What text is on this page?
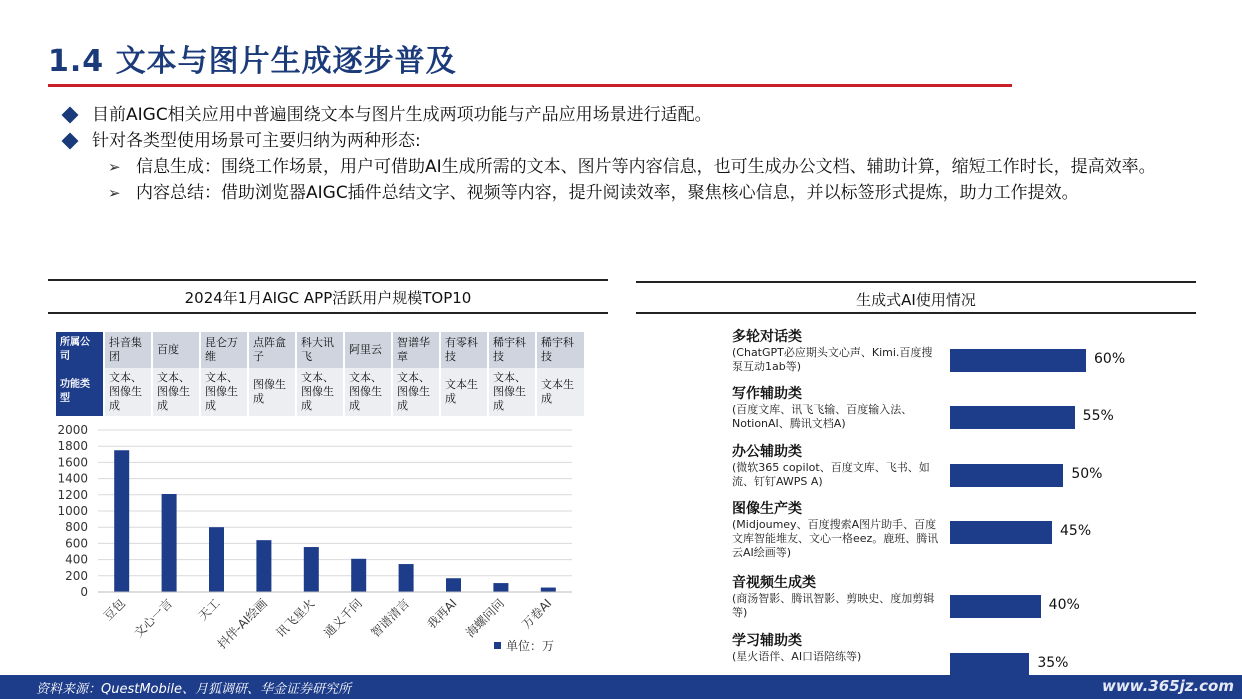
1.4 文本与图片生成逐步普及
目前AIGC相关应用中普遍围绕文本与图片生成两项功能与产品应用场景进行适配。
针对各类型使用场景可主要归纳为两种形态:
➢ 信息生成：围绕工作场景，用户可借助AI生成所需的文本、图片等内容信息，也可生成办公文档、辅助计算，缩短工作时长，提高效率。
➢ 内容总结：借助浏览器AIGC插件总结文字、视频等内容，提升阅读效率，聚焦核心信息，并以标签形式提炼，助力工作提效。
2024年1月AIGC APP活跃用户规模TOP10
所属公司	抖音集团	百度	昆仑万维	点阵盒子	科大讯飞	阿里云	智谱华章	有零科技	稀宇科技	稀宇科技
功能类型	文本、图像生成	文本、图像生成	文本、图像生成	图像生成	文本、图像生成	文本、图像生成	文本、图像生成	文本生成	文本、图像生成	文本生成
0
200
400
600
800
1000
1200
1400
1600
1800
2000
豆包 文心一言 天工
抖伴-AI绘画 讯飞星火 通义千问 智谱清言 我再AI 海螺问问 万卷AI
单位：万
生成式AI使用情况
多轮对话类
(ChatGPT必应期头文心声、Kimi.百度搜泵互动1ab等)	60%
写作辅助类
(百度文库、讯飞飞输、百度输入法、NotionAI、腾讯文档A)	55%
办公辅助类
(微软365 copilot、百度文库、飞书、如流、钉钉AWPS A)	50%
图像生产类
(Midjoumey、百度搜索A图片助手、百度文库智能堆友、文心一格eez。鹿班、腾讯云AI绘画等)
45%
音视频生成类
(商汤智影、腾讯智影、剪映史、度加剪辑等)	40%
学习辅助类
(星火语伴、AI口语陪练等)	35%
资料来源：QuestMobile、月狐调研、华金证券研究所	www.365jz.com
